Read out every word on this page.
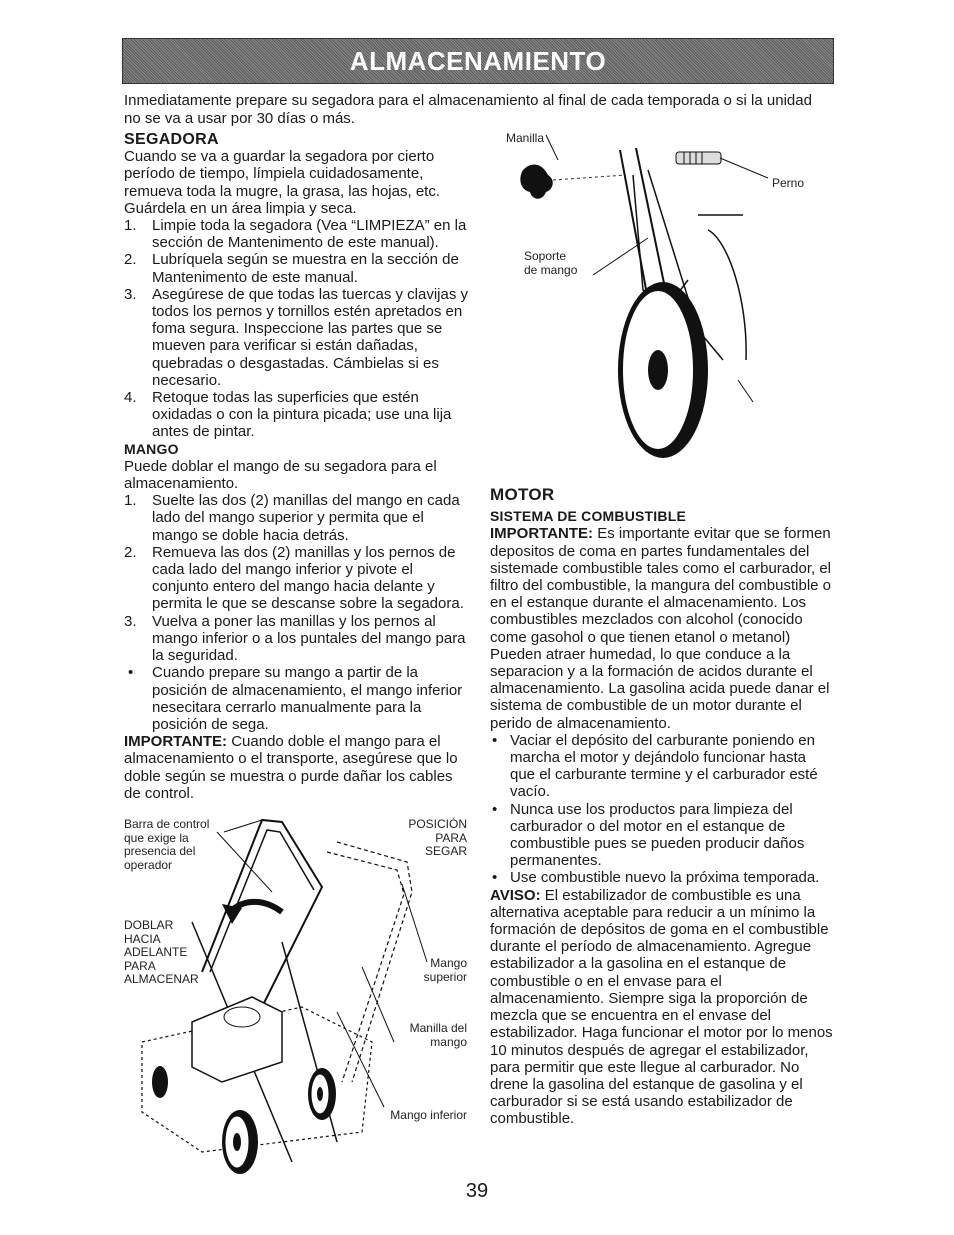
ALMACENAMIENTO

Inmediatamente prepare su segadora para el almacenamiento al final de cada temporada o si la unidad no se va a usar por 30 días o más.

SEGADORA

Cuando se va a guardar la segadora por cierto período de tiempo, límpiela cuidadosamente, remueva toda la mugre, la grasa, las hojas, etc. Guárdela en un área limpia y seca.

1. Limpie toda la segadora (Vea “LIMPIEZA” en la sección de Mantenimento de este manual).
2. Lubríquela según se muestra en la sección de Mantenimento de este manual.
3. Asegúrese de que todas las tuercas y clavijas y todos los pernos y tornillos estén apretados en foma segura. Inspeccione las partes que se mueven para verificar si están dañadas, quebradas o desgastadas. Cámbielas si es necesario.
4. Retoque todas las superficies que estén oxidadas o con la pintura picada; use una lija antes de pintar.
MANGO

Puede doblar el mango de su segadora para el almacenamiento.

1. Suelte las dos (2) manillas del mango en cada lado del mango superior y permita que el mango se doble hacia detrás.
2. Remueva las dos (2) manillas y los pernos de cada lado del mango inferior y pivote el conjunto entero del mango hacia delante y permita le que se descanse sobre la segadora.
3. Vuelva a poner las manillas y los pernos al mango inferior o a los puntales del mango para la seguridad.
• Cuando prepare su mango a partir de la posición de almacenamiento, el mango inferior nesecitara cerrarlo manualmente para la posición de sega.

IMPORTANTE: Cuando doble el mango para el almacenamiento o el transporte, asegúrese que lo doble según se muestra o purde dañar los cables de control.

Manilla
Perno
Soporte
de mango
Barra de control
que exige la
presencia del
operador
POSICIÓN
PARA
SEGAR
DOBLAR
HACIA
ADELANTE
PARA
ALMACENAR
Mango
superior
Manilla del
mango
Mango inferior
MOTOR
SISTEMA DE COMBUSTIBLE

IMPORTANTE: Es importante evitar que se formen depositos de coma en partes fundamentales del sistemade combustible tales como el carburador, el filtro del combustible, la mangura del combustible o en el estanque durante el almacenamiento. Los combustibles mezclados con alcohol (conocido come gasohol o que tienen etanol o metanol) Pueden atraer humedad, lo que conduce a la separacion y a la formación de acidos durante el almacenamiento. La gasolina acida puede danar el sistema de combustible de un motor durante el perido de almacenamiento.

• Vaciar el depósito del carburante poniendo en marcha el motor y dejándolo funcionar hasta que el carburante termine y el carburador esté vacío.
• Nunca use los productos para limpieza del carburador o del motor en el estanque de combustible pues se pueden producir daños permanentes.
• Use combustible nuevo la próxima temporada.

AVISO: El estabilizador de combustible es una alternativa aceptable para reducir a un mínimo la formación de depósitos de goma en el combustible durante el período de almacenamiento. Agregue estabilizador a la gasolina en el estanque de combustible o en el envase para el almacenamiento. Siempre siga la proporción de mezcla que se encuentra en el envase del estabilizador. Haga funcionar el motor por lo menos 10 minutos después de agregar el estabilizador, para permitir que este llegue al carburador. No drene la gasolina del estanque de gasolina y el carburador si se está usando estabilizador de combustible.

39
